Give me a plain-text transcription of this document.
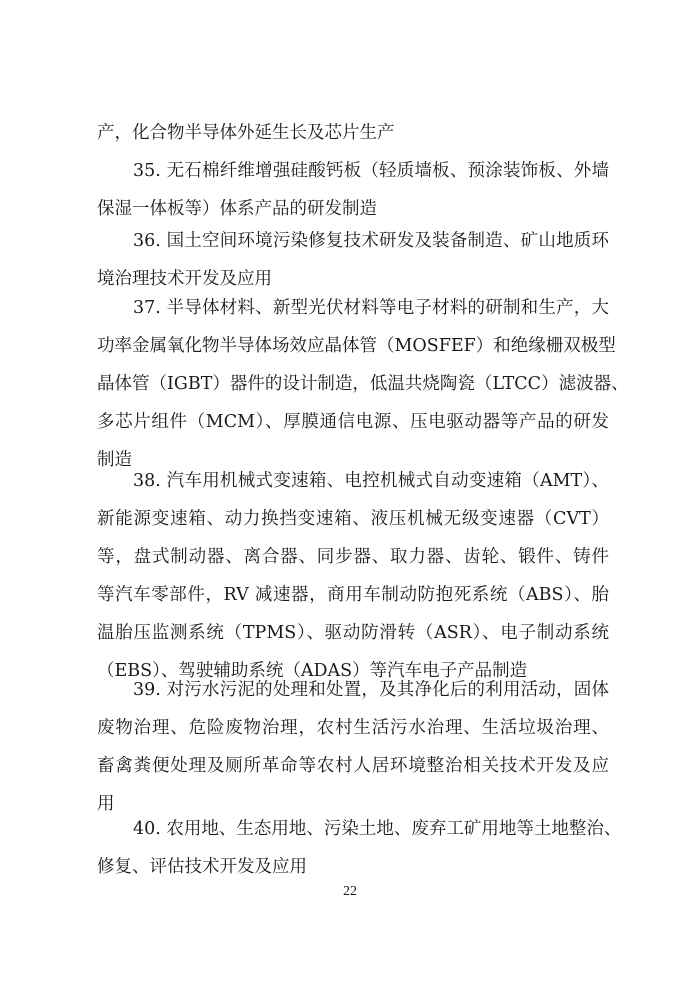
产，化合物半导体外延生长及芯片生产
35. 无石棉纤维增强硅酸钙板（轻质墙板、预涂装饰板、外墙
保湿一体板等）体系产品的研发制造
36. 国土空间环境污染修复技术研发及装备制造、矿山地质环
境治理技术开发及应用
37. 半导体材料、新型光伏材料等电子材料的研制和生产，大
功率金属氧化物半导体场效应晶体管（MOSFEF）和绝缘栅双极型
晶体管（IGBT）器件的设计制造，低温共烧陶瓷（LTCC）滤波器、
多芯片组件（MCM）、厚膜通信电源、压电驱动器等产品的研发
制造
38. 汽车用机械式变速箱、电控机械式自动变速箱（AMT）、
新能源变速箱、动力换挡变速箱、液压机械无级变速器（CVT）
等，盘式制动器、离合器、同步器、取力器、齿轮、锻件、铸件
等汽车零部件，RV 减速器，商用车制动防抱死系统（ABS）、胎
温胎压监测系统（TPMS）、驱动防滑转（ASR）、电子制动系统
（EBS）、驾驶辅助系统（ADAS）等汽车电子产品制造
39. 对污水污泥的处理和处置，及其净化后的利用活动，固体
废物治理、危险废物治理，农村生活污水治理、生活垃圾治理、
畜禽粪便处理及厕所革命等农村人居环境整治相关技术开发及应
用
40. 农用地、生态用地、污染土地、废弃工矿用地等土地整治、
修复、评估技术开发及应用
22
